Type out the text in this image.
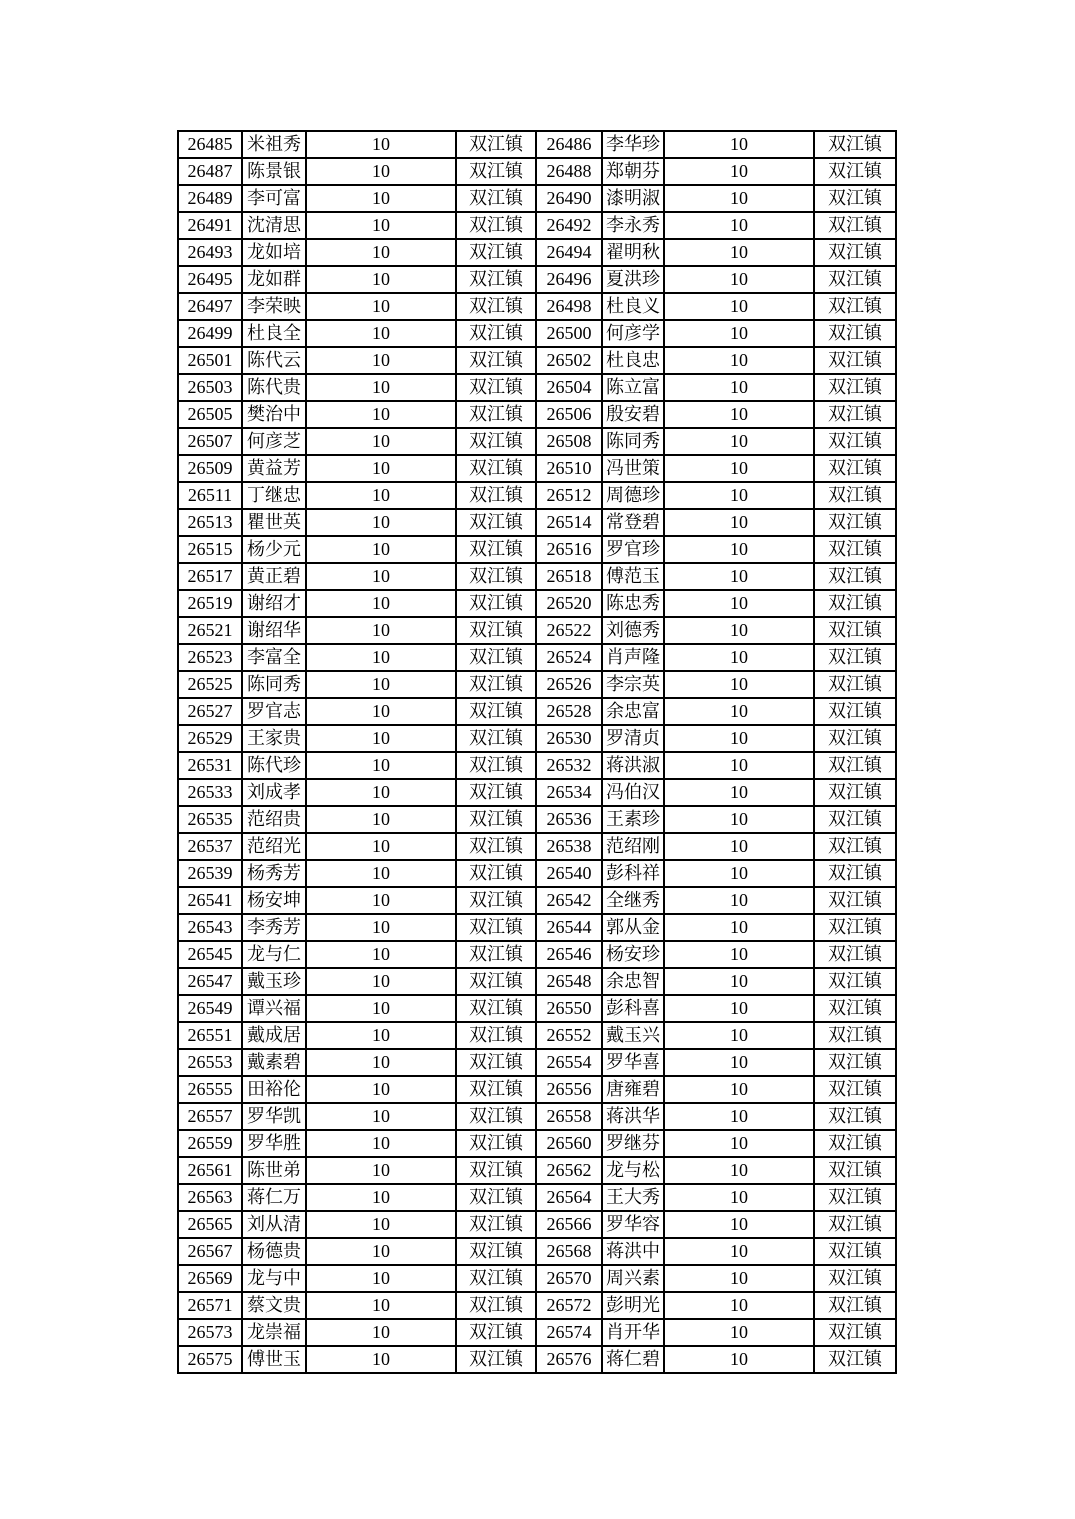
26485	米祖秀	10	双江镇	26486	李华珍	10	双江镇
26487	陈景银	10	双江镇	26488	郑朝芬	10	双江镇
26489	李可富	10	双江镇	26490	漆明淑	10	双江镇
26491	沈清思	10	双江镇	26492	李永秀	10	双江镇
26493	龙如培	10	双江镇	26494	翟明秋	10	双江镇
26495	龙如群	10	双江镇	26496	夏洪珍	10	双江镇
26497	李荣映	10	双江镇	26498	杜良义	10	双江镇
26499	杜良全	10	双江镇	26500	何彦学	10	双江镇
26501	陈代云	10	双江镇	26502	杜良忠	10	双江镇
26503	陈代贵	10	双江镇	26504	陈立富	10	双江镇
26505	樊治中	10	双江镇	26506	殷安碧	10	双江镇
26507	何彦芝	10	双江镇	26508	陈同秀	10	双江镇
26509	黄益芳	10	双江镇	26510	冯世策	10	双江镇
26511	丁继忠	10	双江镇	26512	周德珍	10	双江镇
26513	瞿世英	10	双江镇	26514	常登碧	10	双江镇
26515	杨少元	10	双江镇	26516	罗官珍	10	双江镇
26517	黄正碧	10	双江镇	26518	傅范玉	10	双江镇
26519	谢绍才	10	双江镇	26520	陈忠秀	10	双江镇
26521	谢绍华	10	双江镇	26522	刘德秀	10	双江镇
26523	李富全	10	双江镇	26524	肖声隆	10	双江镇
26525	陈同秀	10	双江镇	26526	李宗英	10	双江镇
26527	罗官志	10	双江镇	26528	余忠富	10	双江镇
26529	王家贵	10	双江镇	26530	罗清贞	10	双江镇
26531	陈代珍	10	双江镇	26532	蒋洪淑	10	双江镇
26533	刘成孝	10	双江镇	26534	冯伯汉	10	双江镇
26535	范绍贵	10	双江镇	26536	王素珍	10	双江镇
26537	范绍光	10	双江镇	26538	范绍刚	10	双江镇
26539	杨秀芳	10	双江镇	26540	彭科祥	10	双江镇
26541	杨安坤	10	双江镇	26542	全继秀	10	双江镇
26543	李秀芳	10	双江镇	26544	郭从金	10	双江镇
26545	龙与仁	10	双江镇	26546	杨安珍	10	双江镇
26547	戴玉珍	10	双江镇	26548	余忠智	10	双江镇
26549	谭兴福	10	双江镇	26550	彭科喜	10	双江镇
26551	戴成居	10	双江镇	26552	戴玉兴	10	双江镇
26553	戴素碧	10	双江镇	26554	罗华喜	10	双江镇
26555	田裕伦	10	双江镇	26556	唐雍碧	10	双江镇
26557	罗华凯	10	双江镇	26558	蒋洪华	10	双江镇
26559	罗华胜	10	双江镇	26560	罗继芬	10	双江镇
26561	陈世弟	10	双江镇	26562	龙与松	10	双江镇
26563	蒋仁万	10	双江镇	26564	王大秀	10	双江镇
26565	刘从清	10	双江镇	26566	罗华容	10	双江镇
26567	杨德贵	10	双江镇	26568	蒋洪中	10	双江镇
26569	龙与中	10	双江镇	26570	周兴素	10	双江镇
26571	蔡文贵	10	双江镇	26572	彭明光	10	双江镇
26573	龙崇福	10	双江镇	26574	肖开华	10	双江镇
26575	傅世玉	10	双江镇	26576	蒋仁碧	10	双江镇
